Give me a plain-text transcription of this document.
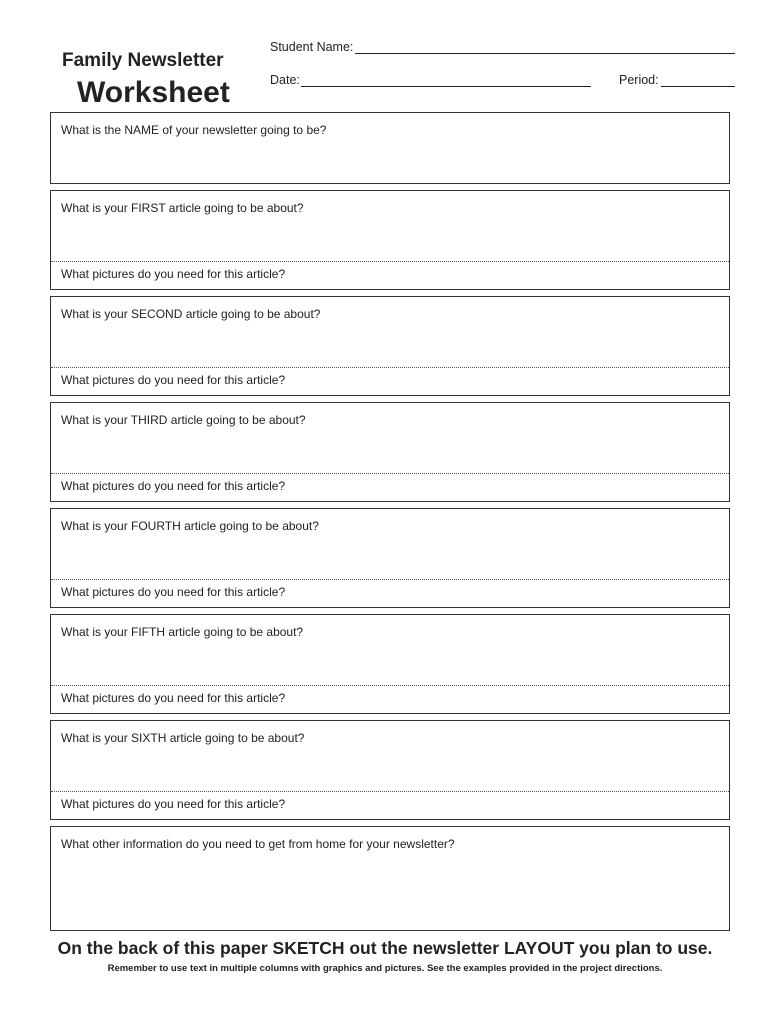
Family Newsletter
Worksheet
Student Name:
Date:	Period:
What is the NAME of your newsletter going to be?
What is your FIRST article going to be about?
What pictures do you need for this article?
What is your SECOND article going to be about?
What pictures do you need for this article?
What is your THIRD article going to be about?
What pictures do you need for this article?
What is your FOURTH article going to be about?
What pictures do you need for this article?
What is your FIFTH article going to be about?
What pictures do you need for this article?
What is your SIXTH article going to be about?
What pictures do you need for this article?
What other information do you need to get from home for your newsletter?
On the back of this paper SKETCH out the newsletter LAYOUT you plan to use.
Remember to use text in multiple columns with graphics and pictures. See the examples provided in the project directions.
